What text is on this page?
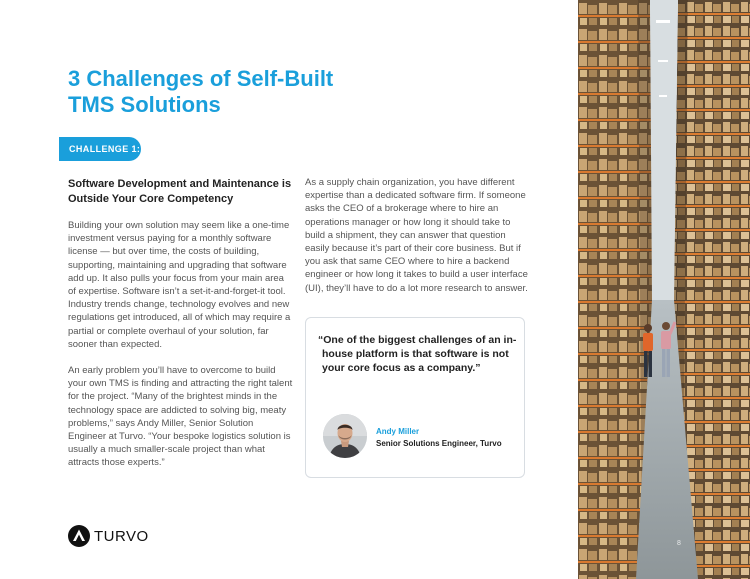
3 Challenges of Self-Built
TMS Solutions
CHALLENGE 1:
Software Development and Maintenance is Outside Your Core Competency

Building your own solution may seem like a one-time investment versus paying for a monthly software license — but over time, the costs of building, supporting, maintaining and upgrading that software add up. It also pulls your focus from your main area of expertise. Software isn’t a set-it-and-forget-it tool. Industry trends change, technology evolves and new regulations get introduced, all of which may require a partial or complete overhaul of your solution, far sooner than expected.

An early problem you’ll have to overcome to build your own TMS is finding and attracting the right talent for the project. “Many of the brightest minds in the technology space are addicted to solving big, meaty problems,” says Andy Miller, Senior Solution Engineer at Turvo. “Your bespoke logistics solution is usually a much smaller-scale project than what attracts those experts.”

As a supply chain organization, you have different expertise than a dedicated software firm. If someone asks the CEO of a brokerage where to hire an operations manager or how long it should take to build a shipment, they can answer that question easily because it’s part of their core business. But if you ask that same CEO where to hire a backend engineer or how long it takes to build a user interface (UI), they’ll have to do a lot more research to answer.

“One of the biggest challenges of an in-house platform is that software is not your core focus as a company.”
Andy Miller
Senior Solutions Engineer, Turvo
TURVO	8
